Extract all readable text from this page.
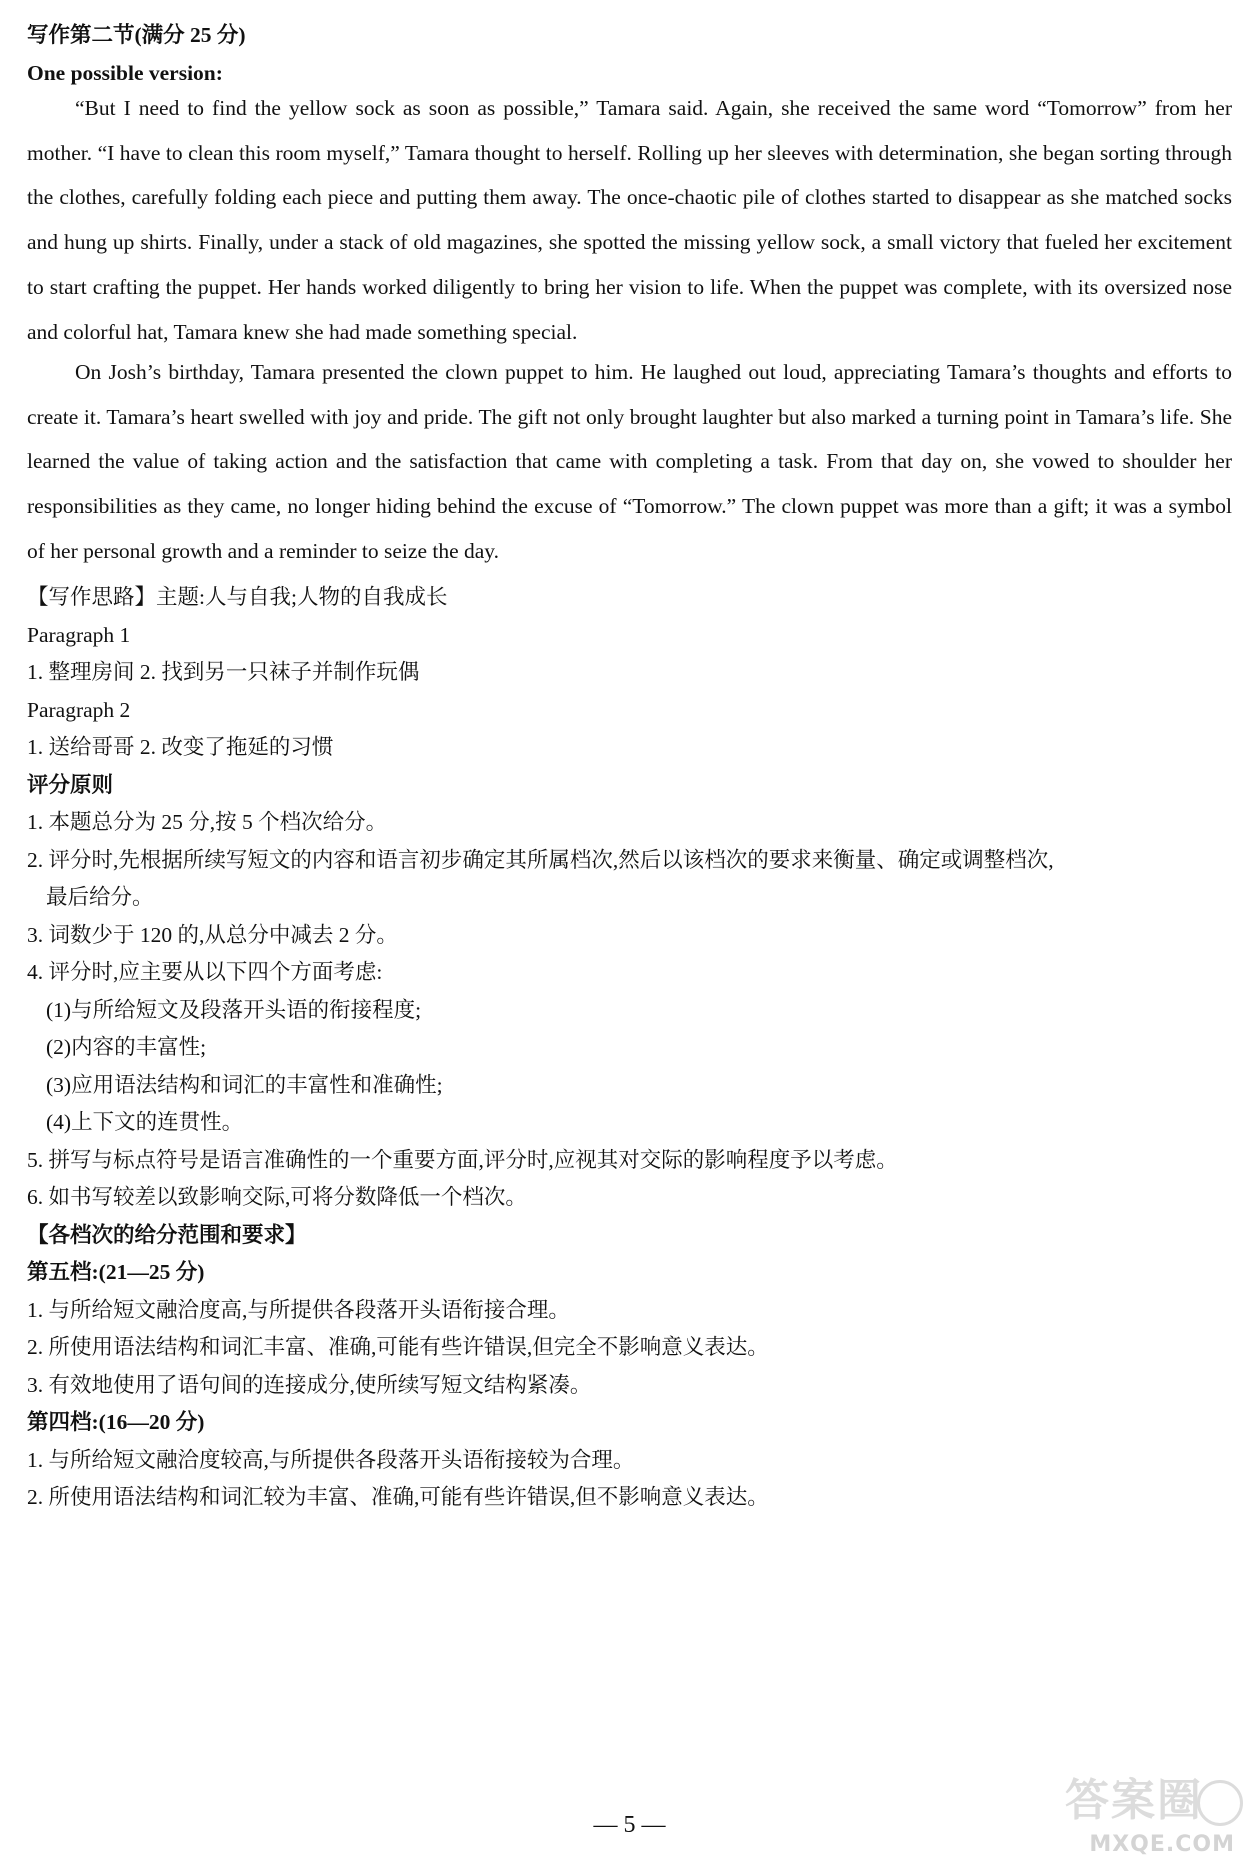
写作第二节(满分 25 分)
One possible version:
“But I need to find the yellow sock as soon as possible,” Tamara said. Again, she received the same word “Tomorrow” from her mother. “I have to clean this room myself,” Tamara thought to herself. Rolling up her sleeves with determination, she began sorting through the clothes, carefully folding each piece and putting them away. The once-chaotic pile of clothes started to disappear as she matched socks and hung up shirts. Finally, under a stack of old magazines, she spotted the missing yellow sock, a small victory that fueled her excitement to start crafting the puppet. Her hands worked diligently to bring her vision to life. When the puppet was complete, with its oversized nose and colorful hat, Tamara knew she had made something special.
On Josh’s birthday, Tamara presented the clown puppet to him. He laughed out loud, appreciating Tamara’s thoughts and efforts to create it. Tamara’s heart swelled with joy and pride. The gift not only brought laughter but also marked a turning point in Tamara’s life. She learned the value of taking action and the satisfaction that came with completing a task. From that day on, she vowed to shoulder her responsibilities as they came, no longer hiding behind the excuse of “Tomorrow.” The clown puppet was more than a gift; it was a symbol of her personal growth and a reminder to seize the day.
【写作思路】主题:人与自我;人物的自我成长
Paragraph 1
1. 整理房间 2. 找到另一只袜子并制作玩偶
Paragraph 2
1. 送给哥哥 2. 改变了拖延的习惯
评分原则
1. 本题总分为 25 分,按 5 个档次给分。
2. 评分时,先根据所续写短文的内容和语言初步确定其所属档次,然后以该档次的要求来衡量、确定或调整档次,
最后给分。
3. 词数少于 120 的,从总分中减去 2 分。
4. 评分时,应主要从以下四个方面考虑:
(1)与所给短文及段落开头语的衔接程度;
(2)内容的丰富性;
(3)应用语法结构和词汇的丰富性和准确性;
(4)上下文的连贯性。
5. 拼写与标点符号是语言准确性的一个重要方面,评分时,应视其对交际的影响程度予以考虑。
6. 如书写较差以致影响交际,可将分数降低一个档次。
【各档次的给分范围和要求】
第五档:(21—25 分)
1. 与所给短文融洽度高,与所提供各段落开头语衔接合理。
2. 所使用语法结构和词汇丰富、准确,可能有些许错误,但完全不影响意义表达。
3. 有效地使用了语句间的连接成分,使所续写短文结构紧凑。
第四档:(16—20 分)
1. 与所给短文融洽度较高,与所提供各段落开头语衔接较为合理。
2. 所使用语法结构和词汇较为丰富、准确,可能有些许错误,但不影响意义表达。
— 5 —	答案圈
MXQE.COM
